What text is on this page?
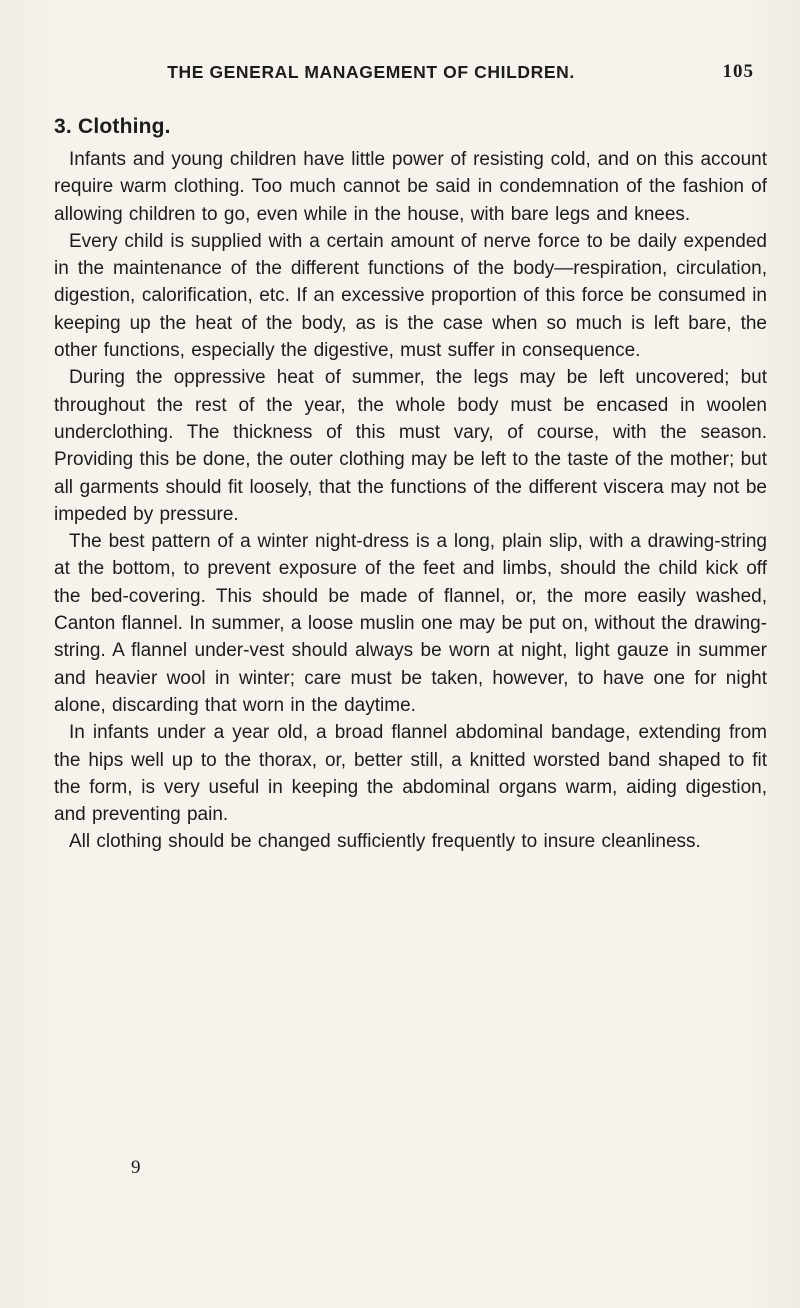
THE GENERAL MANAGEMENT OF CHILDREN.	105
3. Clothing.

Infants and young children have little power of resisting cold, and on this account require warm clothing. Too much cannot be said in condemnation of the fashion of allowing children to go, even while in the house, with bare legs and knees.

Every child is supplied with a certain amount of nerve force to be daily expended in the maintenance of the different functions of the body—respiration, circulation, digestion, calorification, etc. If an excessive proportion of this force be consumed in keeping up the heat of the body, as is the case when so much is left bare, the other functions, especially the digestive, must suffer in consequence.

During the oppressive heat of summer, the legs may be left uncovered; but throughout the rest of the year, the whole body must be encased in woolen underclothing. The thickness of this must vary, of course, with the season. Providing this be done, the outer clothing may be left to the taste of the mother; but all garments should fit loosely, that the functions of the different viscera may not be impeded by pressure.

The best pattern of a winter night-dress is a long, plain slip, with a drawing-string at the bottom, to prevent exposure of the feet and limbs, should the child kick off the bed-covering. This should be made of flannel, or, the more easily washed, Canton flannel. In summer, a loose muslin one may be put on, without the drawing-string. A flannel under-vest should always be worn at night, light gauze in summer and heavier wool in winter; care must be taken, however, to have one for night alone, discarding that worn in the daytime.

In infants under a year old, a broad flannel abdominal bandage, extending from the hips well up to the thorax, or, better still, a knitted worsted band shaped to fit the form, is very useful in keeping the abdominal organs warm, aiding digestion, and preventing pain.

All clothing should be changed sufficiently frequently to insure cleanliness.

9
